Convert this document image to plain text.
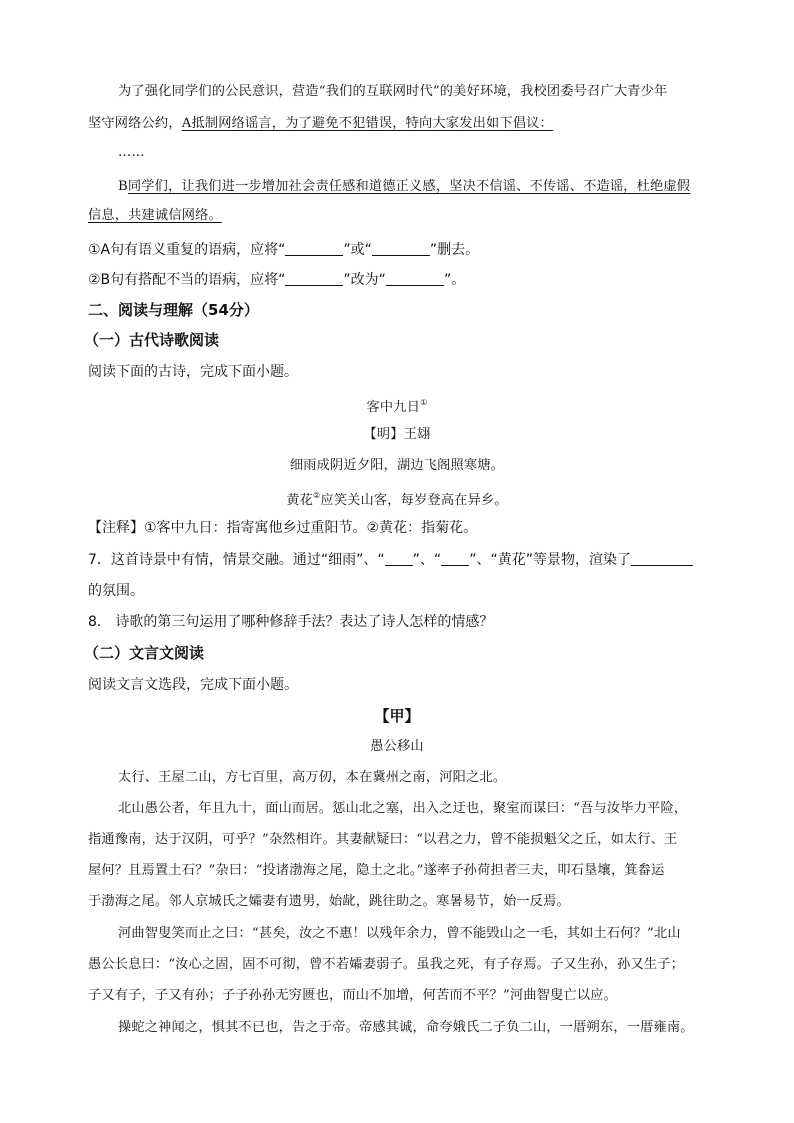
为了强化同学们的公民意识，营造“我们的互联网时代”的美好环境，我校团委号召广大青少年
坚守网络公约，A抵制网络谣言，为了避免不犯错误，特向大家发出如下倡议：
……
B同学们，让我们进一步增加社会责任感和道德正义感，坚决不信谣、不传谣、不造谣，杜绝虚假
信息，共建诚信网络。
①A句有语义重复的语病，应将“	”或“	”删去。
②B句有搭配不当的语病，应将“	”改为“	”。
二、阅读与理解（54分）
（一）古代诗歌阅读
阅读下面的古诗，完成下面小题。
客中九日①
【明】王翃
细雨成阴近夕阳，湖边飞阁照寒塘。
黄花②应笑关山客，每岁登高在异乡。
【注释】①客中九日：指寄寓他乡过重阳节。②黄花：指菊花。
7．这首诗景中有情，情景交融。通过“细雨”、“ ”、“ ”、“黄花”等景物，渲染了
的氛围。
8． 诗歌的第三句运用了哪种修辞手法？表达了诗人怎样的情感？
（二）文言文阅读
阅读文言文选段，完成下面小题。
【甲】
愚公移山
太行、王屋二山，方七百里，高万仞，本在冀州之南，河阳之北。
北山愚公者，年且九十，面山而居。惩山北之塞，出入之迂也，聚室而谋曰：“吾与汝毕力平险，
指通豫南，达于汉阴，可乎？”杂然相许。其妻献疑曰：“以君之力，曾不能损魁父之丘，如太行、王
屋何？且焉置土石？”杂曰：“投诸渤海之尾，隐土之北。”遂率子孙荷担者三夫，叩石垦壤，箕畚运
于渤海之尾。邻人京城氏之孀妻有遗男，始龀，跳往助之。寒暑易节，始一反焉。
河曲智叟笑而止之曰：“甚矣，汝之不惠！以残年余力，曾不能毁山之一毛，其如土石何？”北山
愚公长息曰：“汝心之固，固不可彻，曾不若孀妻弱子。虽我之死，有子存焉。子又生孙，孙又生子；
子又有子，子又有孙；子子孙孙无穷匮也，而山不加增，何苦而不平？”河曲智叟亡以应。
操蛇之神闻之，惧其不已也，告之于帝。帝感其诚，命夸娥氏二子负二山，一厝朔东，一厝雍南。
